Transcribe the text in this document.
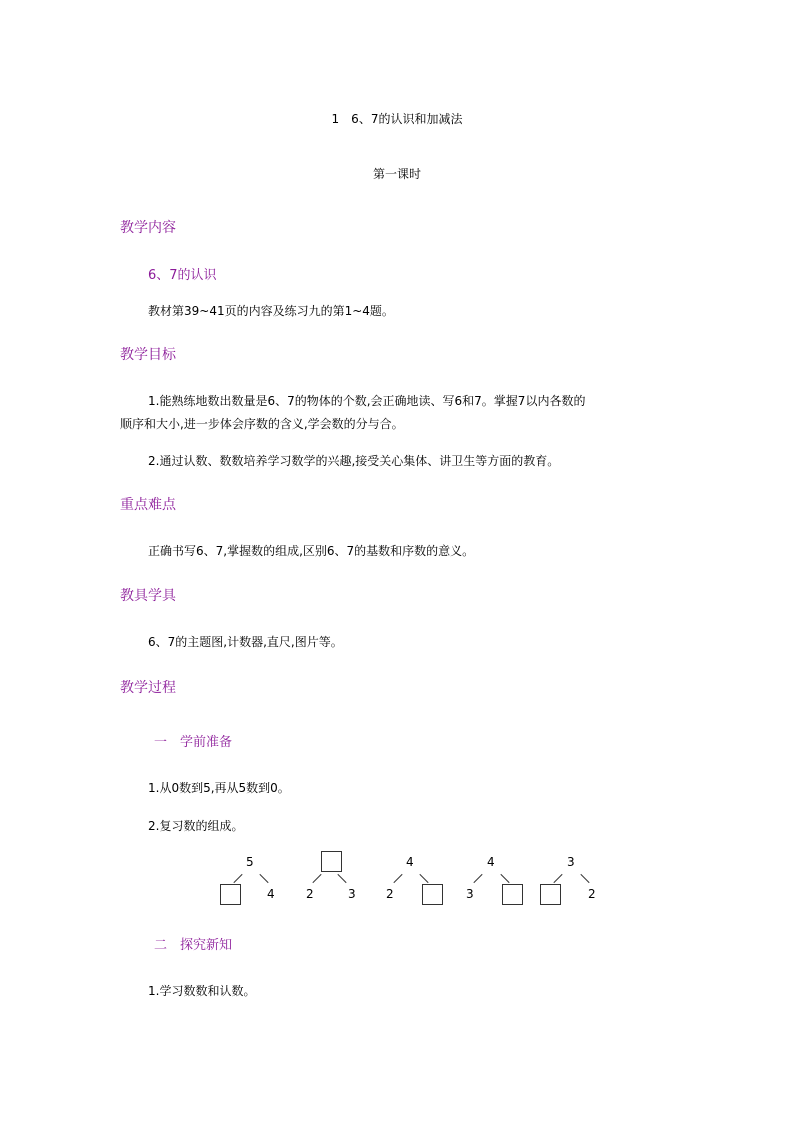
1　6、7的认识和加减法
第一课时
教学内容
6、7的认识
教材第39~41页的内容及练习九的第1~4题。
教学目标
1.能熟练地数出数量是6、7的物体的个数,会正确地读、写6和7。掌握7以内各数的
顺序和大小,进一步体会序数的含义,学会数的分与合。
2.通过认数、数数培养学习数学的兴趣,接受关心集体、讲卫生等方面的教育。
重点难点
正确书写6、7,掌握数的组成,区别6、7的基数和序数的意义。
教具学具
6、7的主题图,计数器,直尺,图片等。
教学过程
一　学前准备
1.从0数到5,再从5数到0。
2.复习数的组成。
5
4	2	3
4
2
4
3
3
2
二　探究新知
1.学习数数和认数。
